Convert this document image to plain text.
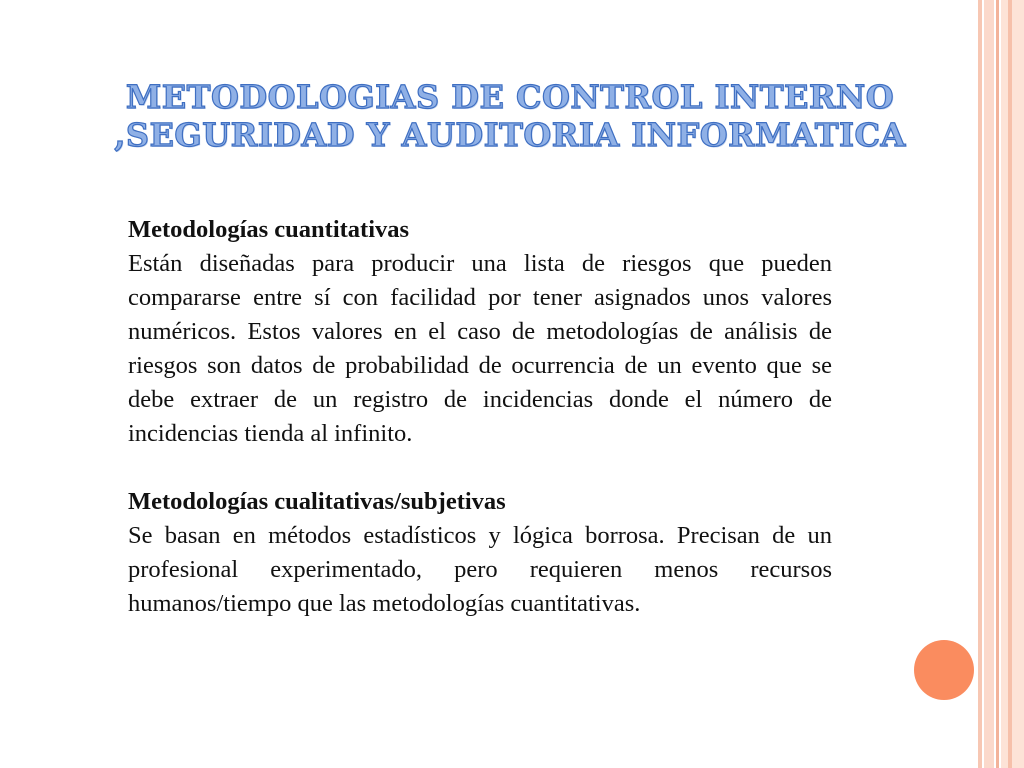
METODOLOGIAS DE CONTROL INTERNO
,SEGURIDAD Y AUDITORIA INFORMATICA
Metodologías cuantitativas
Están diseñadas para producir una lista de riesgos que pueden compararse entre sí con facilidad por tener asignados unos valores numéricos. Estos valores en el caso de metodologías de análisis de riesgos son datos de probabilidad de ocurrencia de un evento que se debe extraer de un registro de incidencias donde el número de incidencias tienda al infinito.
Metodologías cualitativas/subjetivas
Se basan en métodos estadísticos y lógica borrosa. Precisan de un profesional experimentado, pero requieren menos recursos humanos/tiempo que las metodologías cuantitativas.
